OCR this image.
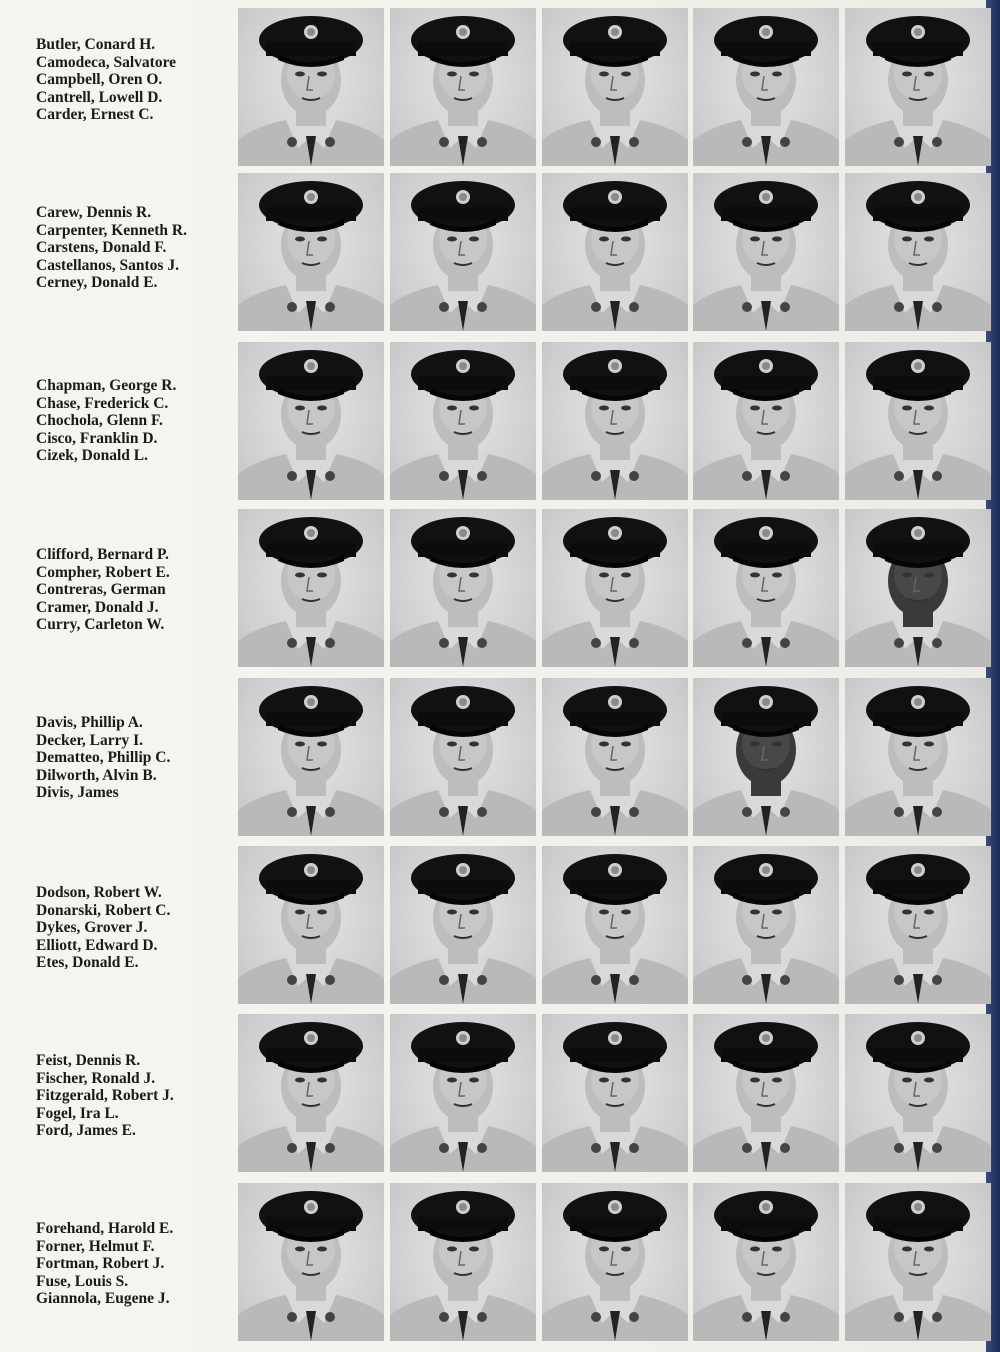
Butler, Conard H.
Camodeca, Salvatore
Campbell, Oren O.
Cantrell, Lowell D.
Carder, Ernest C.
Carew, Dennis R.
Carpenter, Kenneth R.
Carstens, Donald F.
Castellanos, Santos J.
Cerney, Donald E.
Chapman, George R.
Chase, Frederick C.
Chochola, Glenn F.
Cisco, Franklin D.
Cizek, Donald L.
Clifford, Bernard P.
Compher, Robert E.
Contreras, German
Cramer, Donald J.
Curry, Carleton W.
Davis, Phillip A.
Decker, Larry I.
Dematteo, Phillip C.
Dilworth, Alvin B.
Divis, James
Dodson, Robert W.
Donarski, Robert C.
Dykes, Grover J.
Elliott, Edward D.
Etes, Donald E.
Feist, Dennis R.
Fischer, Ronald J.
Fitzgerald, Robert J.
Fogel, Ira L.
Ford, James E.
Forehand, Harold E.
Forner, Helmut F.
Fortman, Robert J.
Fuse, Louis S.
Giannola, Eugene J.
